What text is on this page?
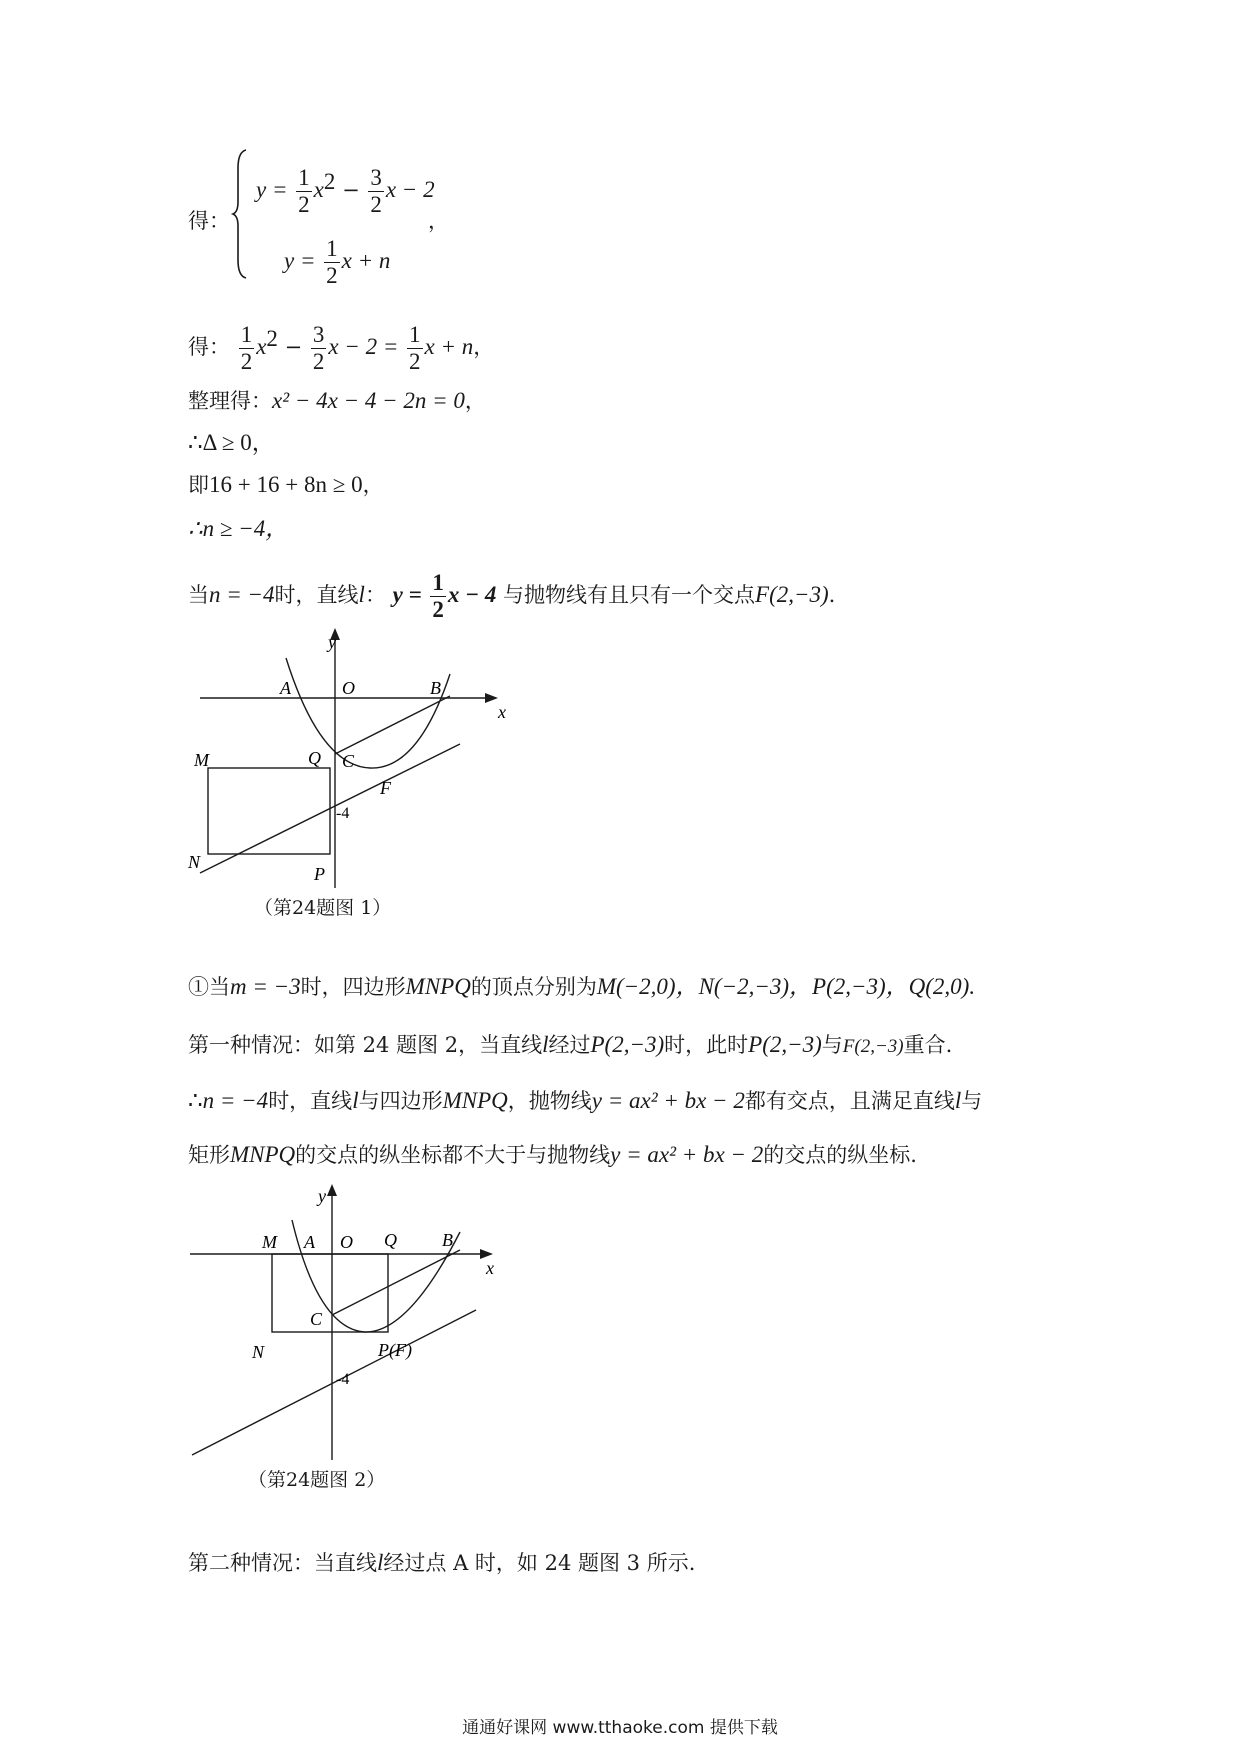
得：
$y = \frac{1}{2} x^2 - \frac{3}{2}$ x − 2
，
$y = \frac{1}{2}$ x + n
得： $\frac{1}{2} x^2 - \frac{3}{2}$ $x - 2 = \frac{1}{2}$ x + n，
整理得：x² − 4x − 4 − 2n = 0，
∴Δ ≥ 0，
即16 + 16 + 8n ≥ 0，
∴n ≥ −4，
当n = −4时，直线l： $y = \frac{1}{2}$ x − 4 与抛物线有且只有一个交点F(2,−3).
y
x
A	O	B
M	Q C
F
N
P
-4
（第24题图 1）
①当m = −3时，四边形MNPQ的顶点分别为M(−2,0)，N(−2,−3)，P(2,−3)，Q(2,0).
第一种情况：如第 24 题图 2，当直线l经过P(2,−3)时，此时P(2,−3)与F(2,−3)重合.
∴n = −4时，直线l与四边形MNPQ，抛物线y = ax² + bx − 2都有交点，且满足直线l与
矩形MNPQ的交点的纵坐标都不大于与抛物线y = ax² + bx − 2的交点的纵坐标.
y
x
M A O Q	B
C
N	P(F)
-4
（第24题图 2）
第二种情况：当直线l经过点 A 时，如 24 题图 3 所示.
通通好课网 www.tthaoke.com 提供下载
